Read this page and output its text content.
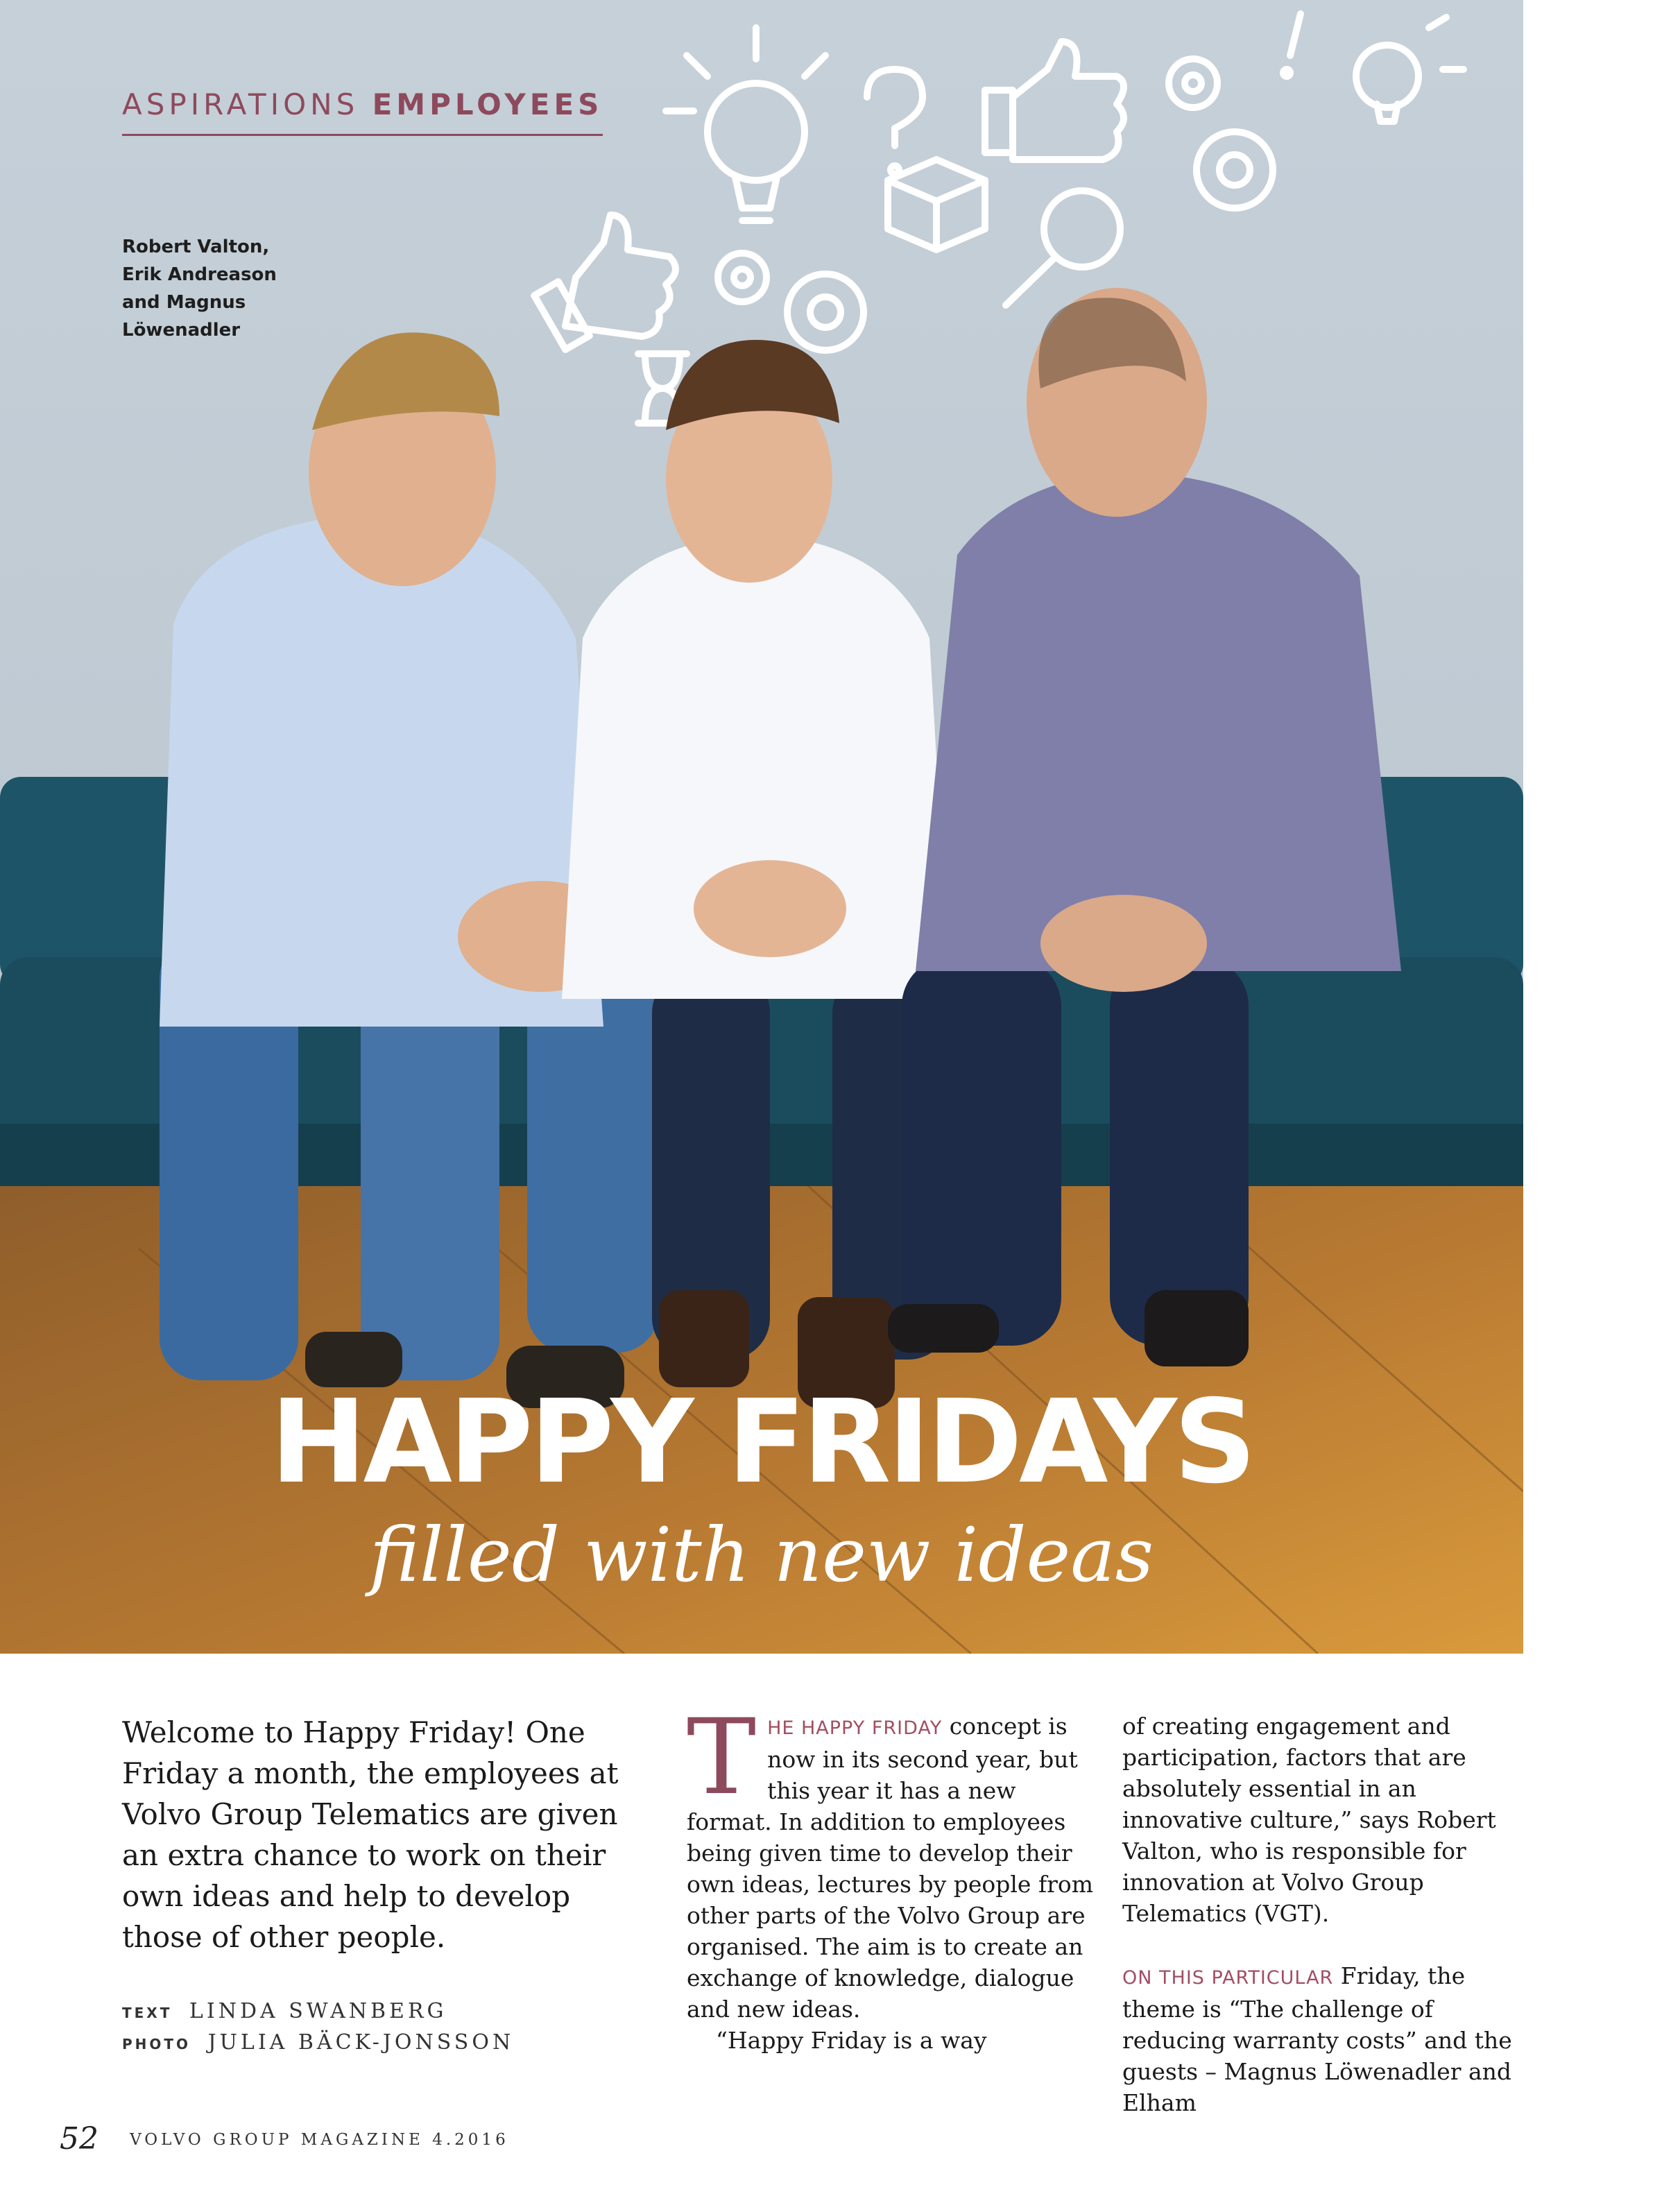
ASPIRATIONS EMPLOYEES
Robert Valton, Erik Andreason and Magnus Löwenadler
HAPPY FRIDAYS
filled with new ideas
Welcome to Happy Friday! One Friday a month, the employees at Volvo Group Telematics are given an extra chance to work on their own ideas and help to develop those of other people.
TEXT LINDA SWANBERG
PHOTO JULIA BÄCK-JONSSON

THE HAPPY FRIDAY concept is now in its second year, but this year it has a new format. In addition to employees being given time to develop their own ideas, lectures by people from other parts of the Volvo Group are organised. The aim is to create an exchange of knowledge, dialogue and new ideas.

“Happy Friday is a way

of creating engagement and participation, factors that are absolutely essential in an innovative culture,” says Robert Valton, who is responsible for innovation at Volvo Group Telematics (VGT).

ON THIS PARTICULAR Friday, the theme is “The challenge of reducing warranty costs” and the guests – Magnus Löwenadler and Elham

52 VOLVO GROUP MAGAZINE 4.2016
